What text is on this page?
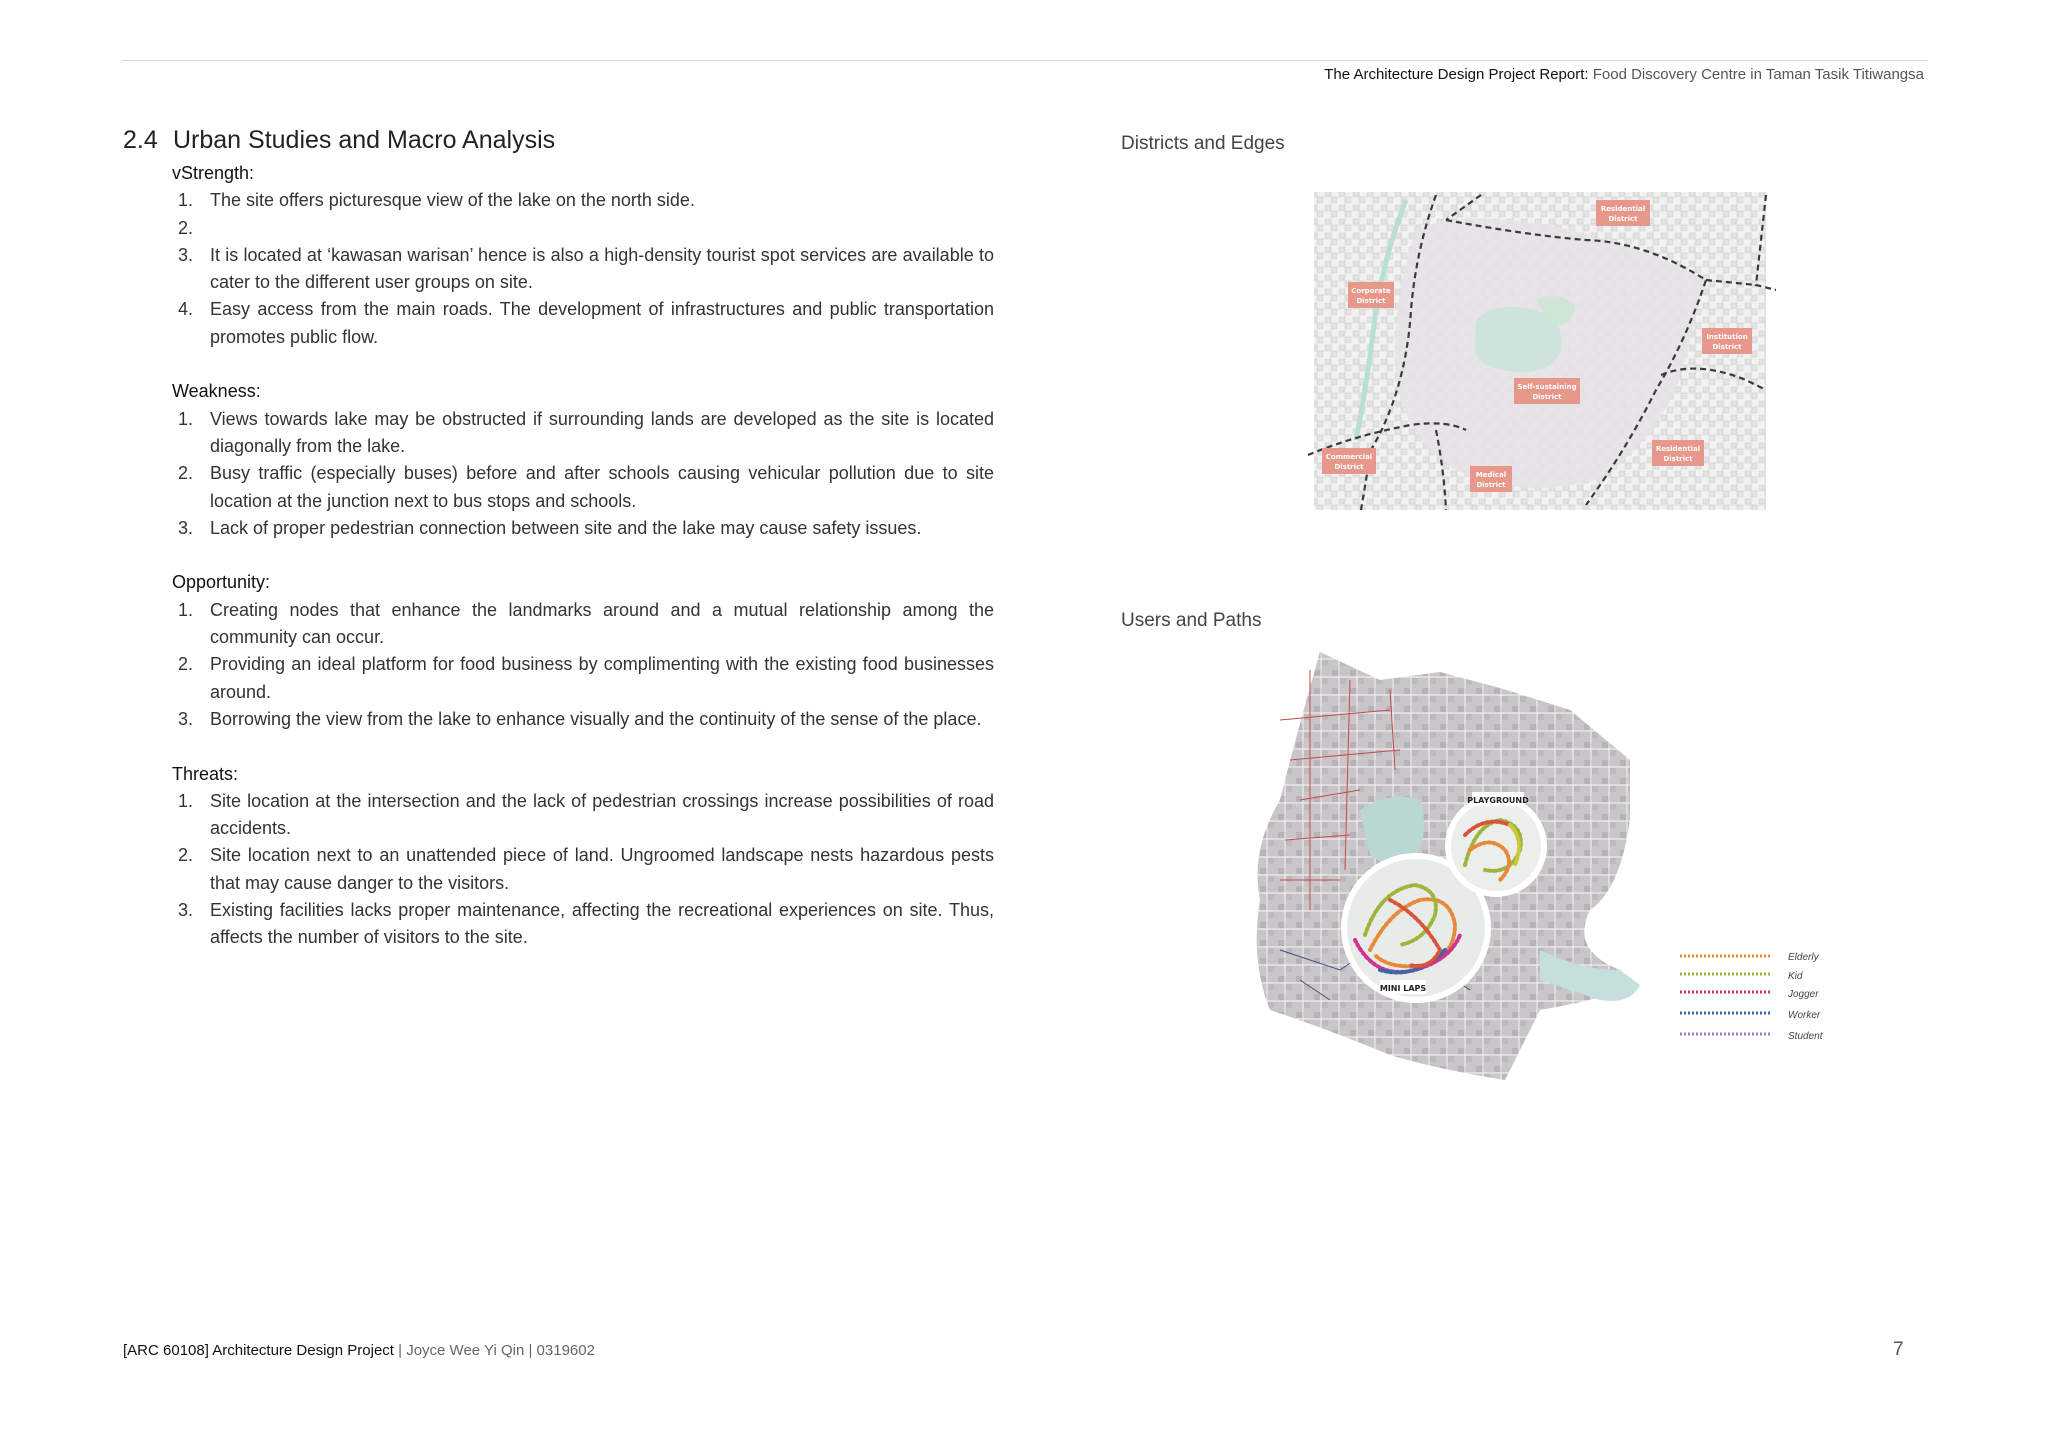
The Architecture Design Project Report: Food Discovery Centre in Taman Tasik Titiwangsa
2.4 Urban Studies and Macro Analysis
vStrength:
1. The site offers picturesque view of the lake on the north side.
2.

3. It is located at ‘kawasan warisan’ hence is also a high-density tourist spot services are available to cater to the different user groups on site.
4. Easy access from the main roads. The development of infrastructures and public transportation promotes public flow.
Weakness:
1. Views towards lake may be obstructed if surrounding lands are developed as the site is located diagonally from the lake.
2. Busy traffic (especially buses) before and after schools causing vehicular pollution due to site location at the junction next to bus stops and schools.
3. Lack of proper pedestrian connection between site and the lake may cause safety issues.
Opportunity:
1. Creating nodes that enhance the landmarks around and a mutual relationship among the community can occur.
2. Providing an ideal platform for food business by complimenting with the existing food businesses around.
3. Borrowing the view from the lake to enhance visually and the continuity of the sense of the place.
Threats:
1. Site location at the intersection and the lack of pedestrian crossings increase possibilities of road accidents.
2. Site location next to an unattended piece of land. Ungroomed landscape nests hazardous pests that may cause danger to the visitors.
3. Existing facilities lacks proper maintenance, affecting the recreational experiences on site. Thus, affects the number of visitors to the site.
Districts and Edges
Residential
District
Corporate
District
Institution
District
Self-sustaining
District
Residential
District
Commercial
District
Medical
District
Users and Paths
PLAYGROUND
MINI LAPS
Elderly
Kid
Jogger
Worker
Student
[ARC 60108] Architecture Design Project | Joyce Wee Yi Qin | 0319602	7
